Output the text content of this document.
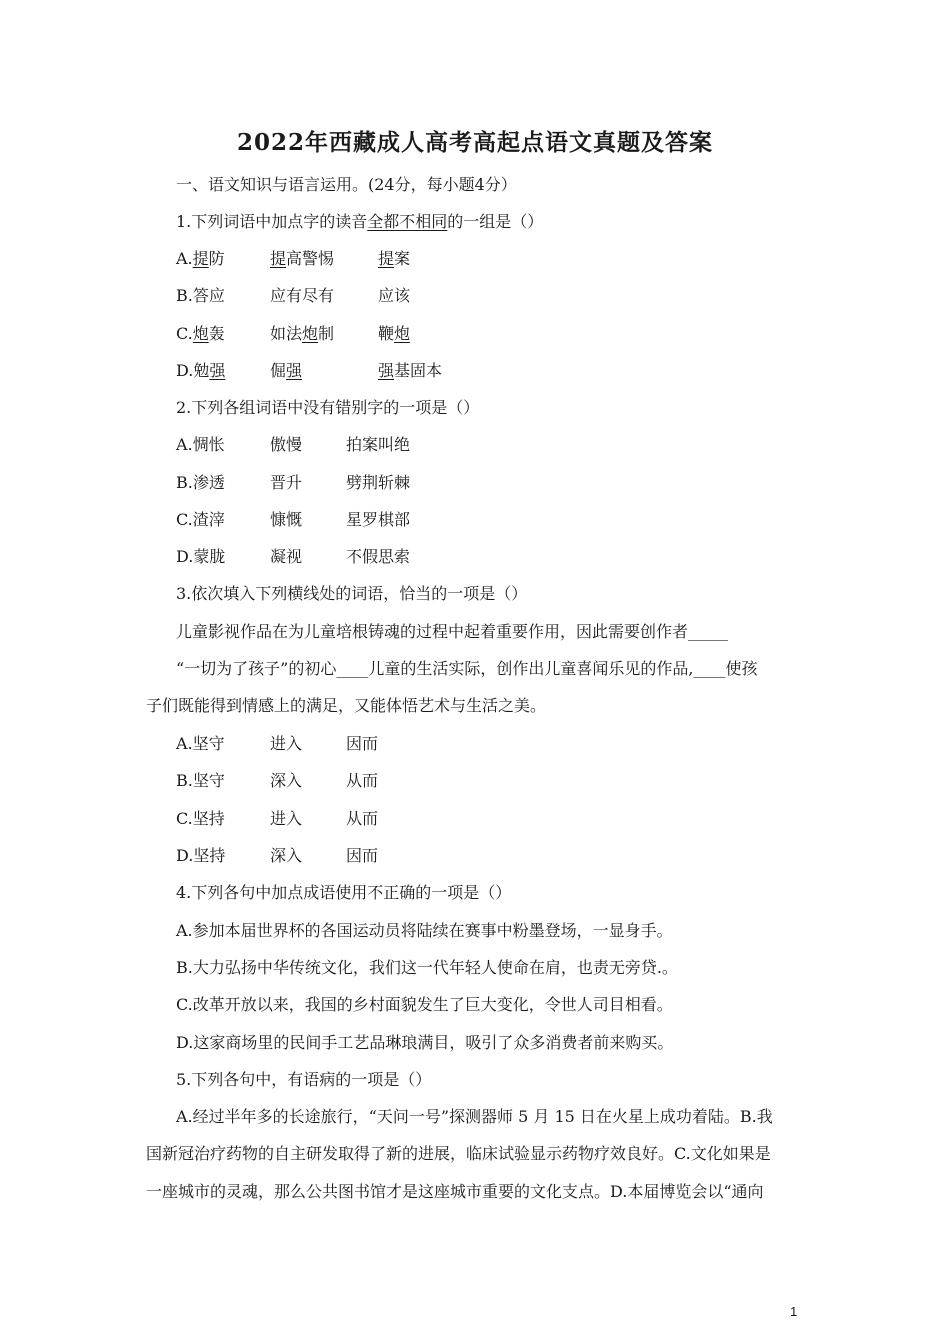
2022年西藏成人高考高起点语文真题及答案
一、语文知识与语言运用。(24分，每小题4分）
1.下列词语中加点字的读音全都不相同的一组是（）
A.提防	提高警惕	提案
B.答应	应有尽有	应该
C.炮轰	如法炮制	鞭炮
D.勉强	倔强	强基固本
2.下列各组词语中没有错别字的一项是（）
A.惆怅	傲慢	拍案叫绝
B.渗透	晋升	劈荆斩棘
C.渣滓	慷慨	星罗棋部
D.蒙胧	凝视	不假思索
3.依次填入下列横线处的词语，恰当的一项是（）
儿童影视作品在为儿童培根铸魂的过程中起着重要作用，因此需要创作者_____
“一切为了孩子”的初心____儿童的生活实际，创作出儿童喜闻乐见的作品,____使孩
子们既能得到情感上的满足，又能体悟艺术与生活之美。
A.坚守	进入	因而
B.坚守	深入	从而
C.坚持	进入	从而
D.坚持	深入	因而
4.下列各句中加点成语使用不正确的一项是（）
A.参加本届世界杯的各国运动员将陆续在赛事中粉墨登场，一显身手。
B.大力弘扬中华传统文化，我们这一代年轻人使命在肩，也责无旁贷.。
C.改革开放以来，我国的乡村面貌发生了巨大变化，令世人司目相看。
D.这家商场里的民间手工艺品琳琅满目，吸引了众多消费者前来购买。
5.下列各句中，有语病的一项是（）
A.经过半年多的长途旅行，“天问一号”探测器师 5 月 15 日在火星上成功着陆。B.我
国新冠治疗药物的自主研发取得了新的进展，临床试验显示药物疗效良好。C.文化如果是
一座城市的灵魂，那么公共图书馆才是这座城市重要的文化支点。D.本届博览会以“通向
1
